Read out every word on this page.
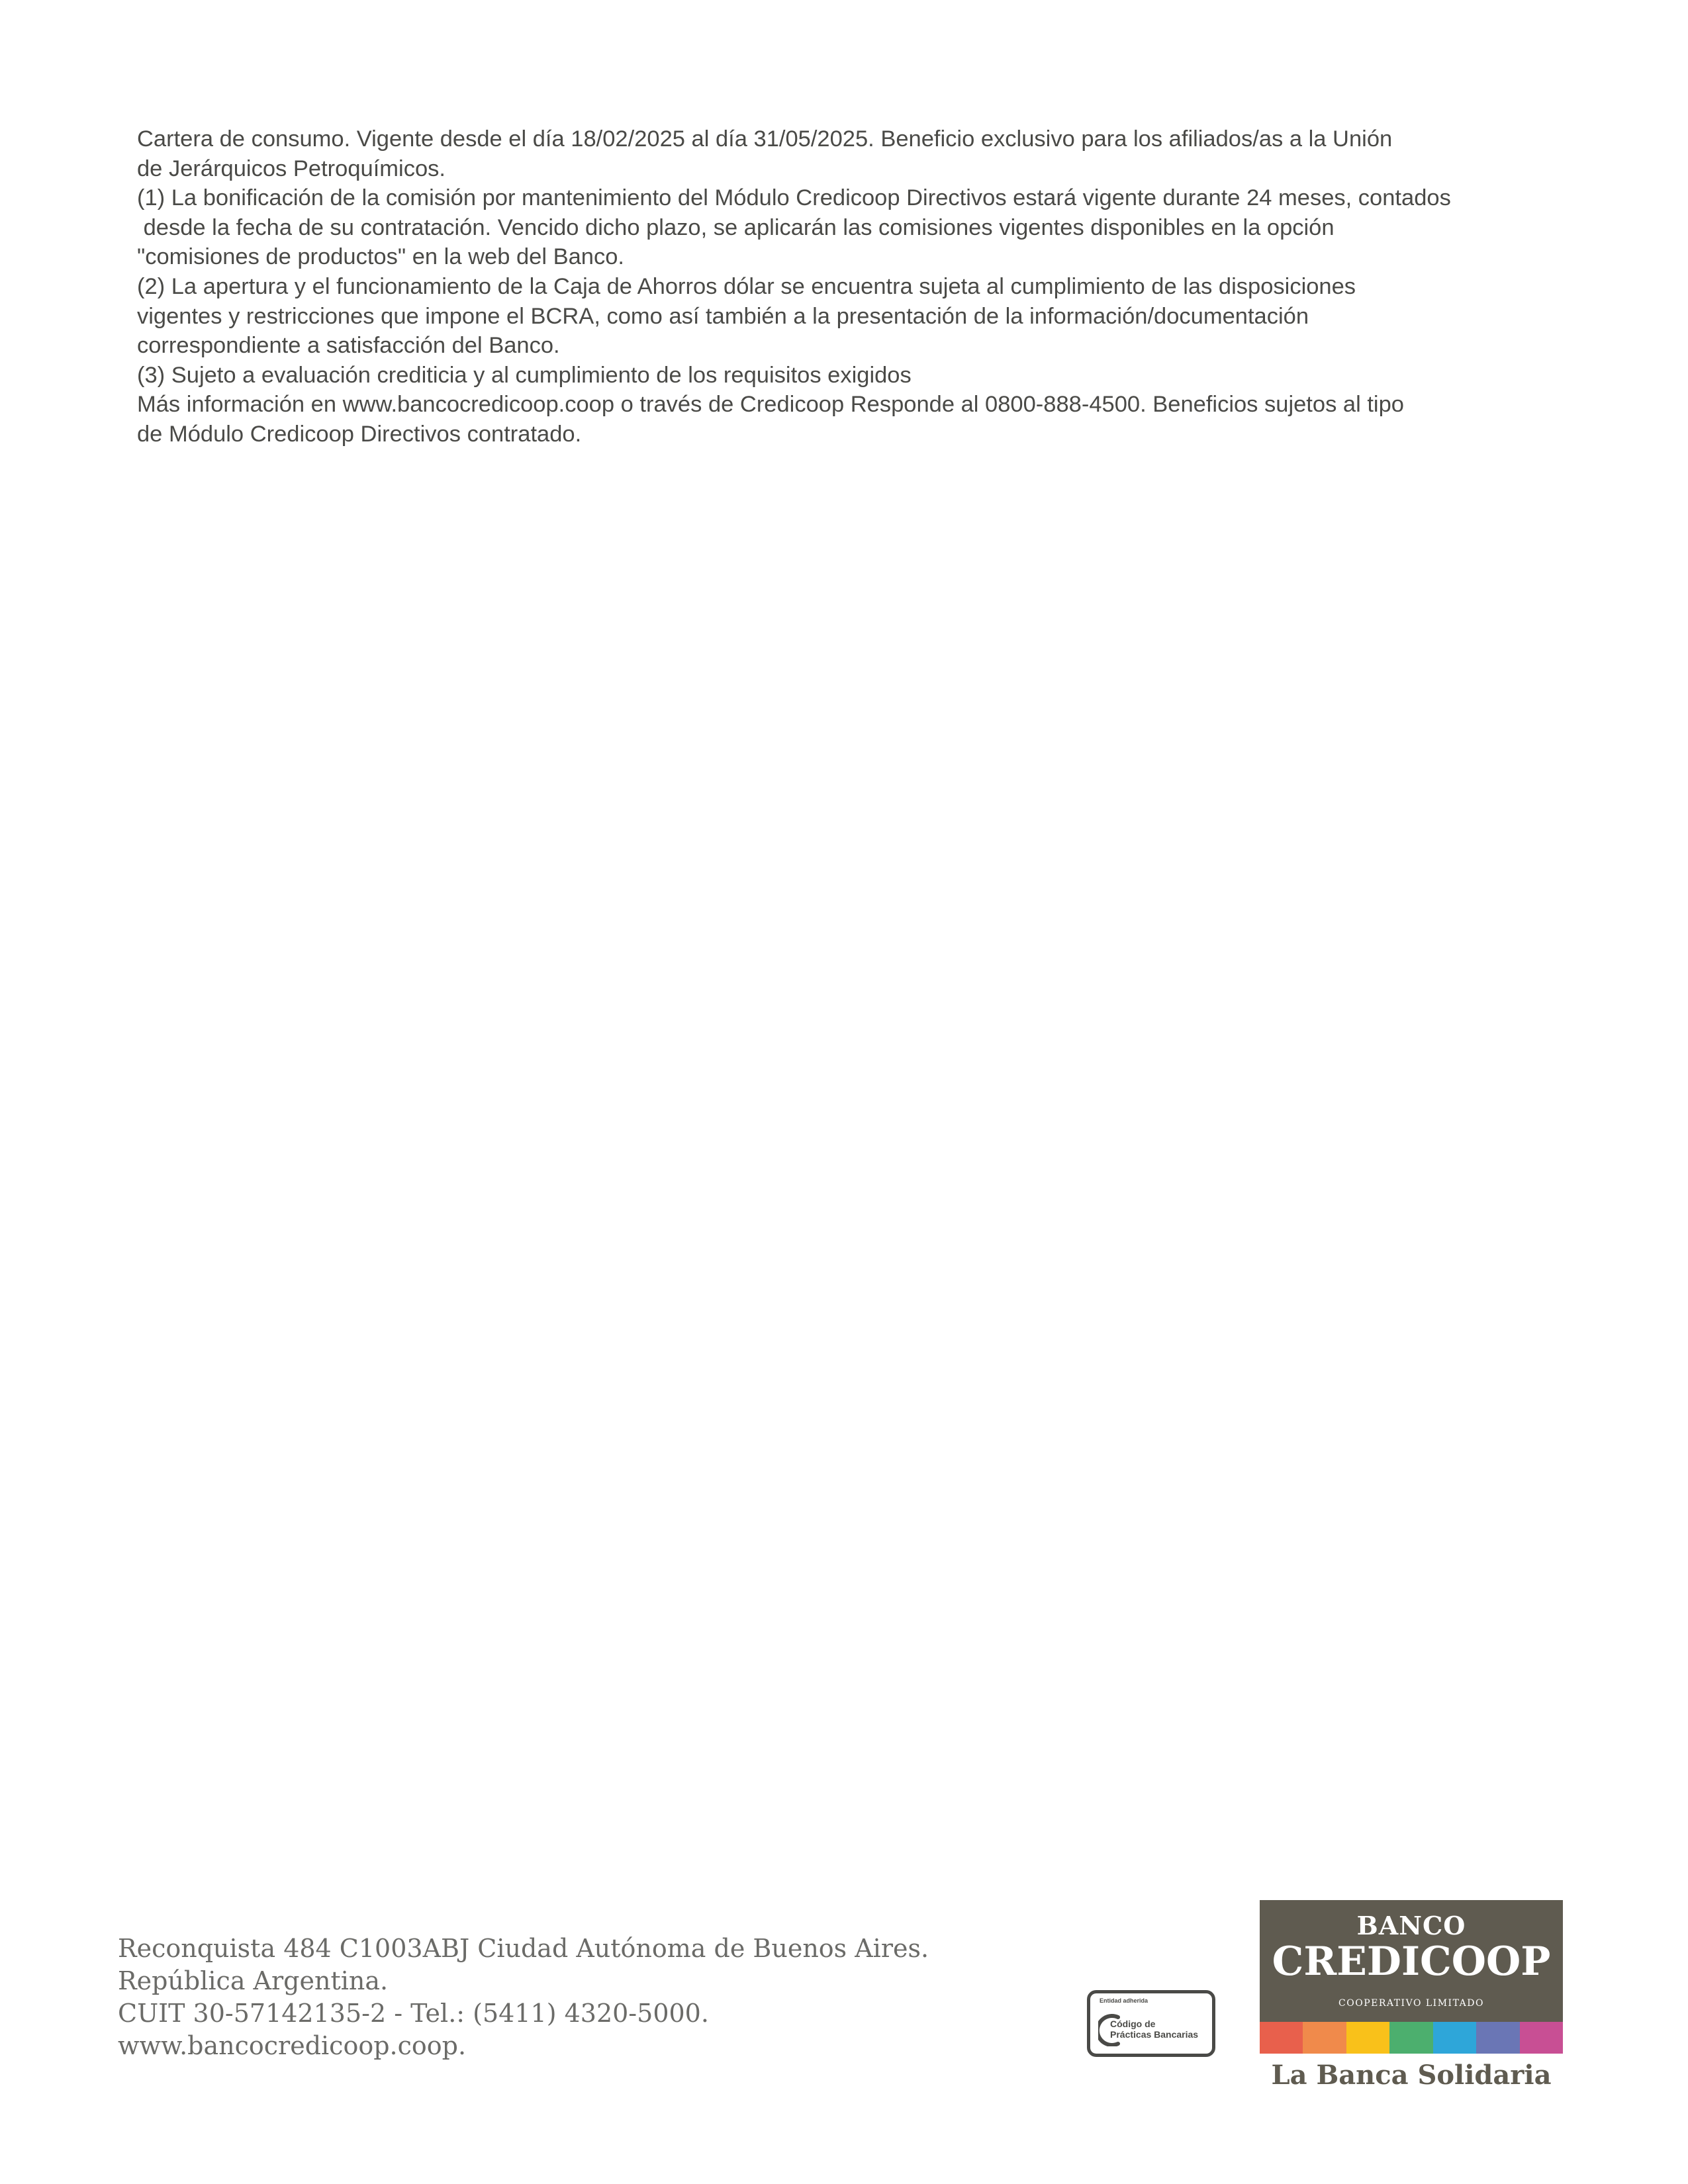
Cartera de consumo. Vigente desde el día 18/02/2025 al día 31/05/2025. Beneficio exclusivo para los afiliados/as a la Unión
de Jerárquicos Petroquímicos.
(1) La bonificación de la comisión por mantenimiento del Módulo Credicoop Directivos estará vigente durante 24 meses, contados
desde la fecha de su contratación. Vencido dicho plazo, se aplicarán las comisiones vigentes disponibles en la opción
"comisiones de productos" en la web del Banco.
(2) La apertura y el funcionamiento de la Caja de Ahorros dólar se encuentra sujeta al cumplimiento de las disposiciones
vigentes y restricciones que impone el BCRA, como así también a la presentación de la información/documentación
correspondiente a satisfacción del Banco.
(3) Sujeto a evaluación crediticia y al cumplimiento de los requisitos exigidos
Más información en www.bancocredicoop.coop o través de Credicoop Responde al 0800-888-4500. Beneficios sujetos al tipo
de Módulo Credicoop Directivos contratado.
Reconquista 484 C1003ABJ Ciudad Autónoma de Buenos Aires.
República Argentina.
CUIT 30-57142135-2 - Tel.: (5411) 4320-5000.
www.bancocredicoop.coop.
Entidad adherida
Código de
Prácticas Bancarias
BANCO
CREDICOOP
COOPERATIVO LIMITADO
La Banca Solidaria
